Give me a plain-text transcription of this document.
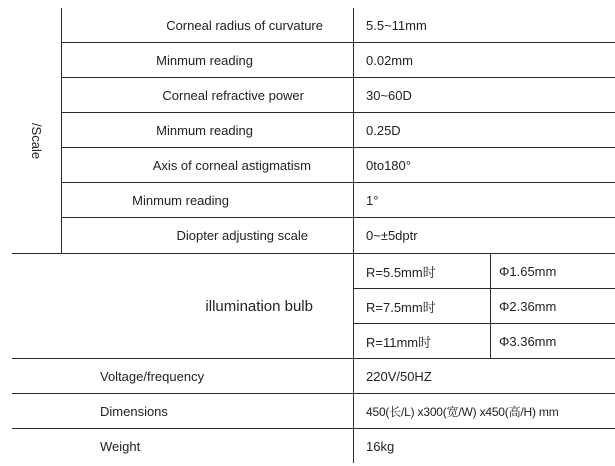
/Scale
Corneal radius of curvature	5.5~11mm
Minmum reading	0.02mm
Corneal refractive power	30~60D
Minmum reading	0.25D
Axis of corneal astigmatism	0to180°
Minmum reading	1°
Diopter adjusting scale	0~±5dptr
illumination bulb
R=5.5mm时	Φ1.65mm
R=7.5mm时	Φ2.36mm
R=11mm时	Φ3.36mm
Voltage/frequency	220V/50HZ
Dimensions	450(长/L) x300(宽/W) x450(高/H) mm
Weight	16kg
